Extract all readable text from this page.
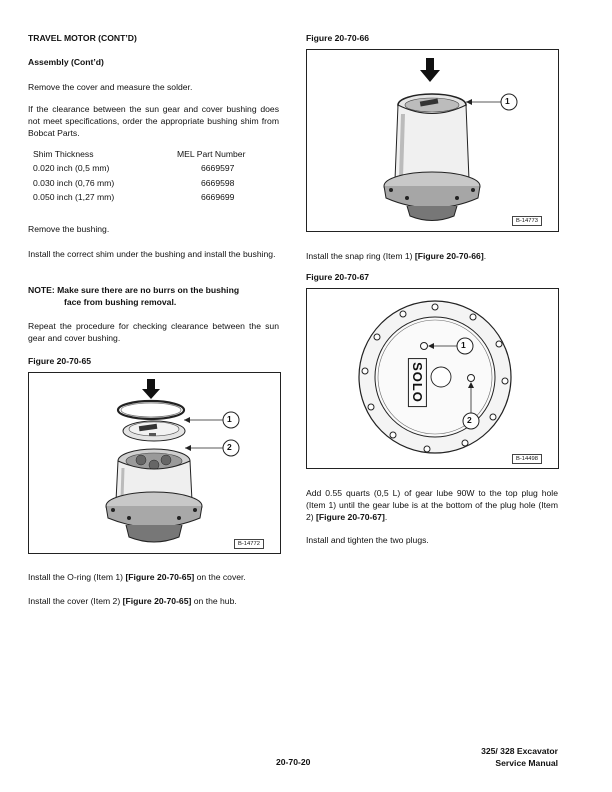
TRAVEL MOTOR (CONT’D)
Assembly (Cont’d)

Remove the cover and measure the solder.

If the clearance between the sun gear and cover bushing does not meet specifications, order the appropriate bushing shim from Bobcat Parts.

Shim Thickness	MEL Part Number
0.020 inch (0,5 mm)	6669597
0.030 inch (0,76 mm)	6669598
0.050 inch (1,27 mm)	6669699

Remove the bushing.

Install the correct shim under the bushing and install the bushing.

NOTE: Make sure there are no burrs on the bushing
face from bushing removal.

Repeat the procedure for checking clearance between the sun gear and cover bushing.

Figure 20-70-65
1
2
B-14772

Install the O-ring (Item 1) [Figure 20-70-65] on the cover.

Install the cover (Item 2) [Figure 20-70-65] on the hub.

Figure 20-70-66
1
B-14773

Install the snap ring (Item 1) [Figure 20-70-66].

Figure 20-70-67
SOLO
1
2
B-14498

Add 0.55 quarts (0,5 L) of gear lube 90W to the top plug hole (Item 1) until the gear lube is at the bottom of the plug hole (Item 2) [Figure 20-70-67].

Install and tighten the two plugs.

20-70-20
325/ 328 Excavator
Service Manual
